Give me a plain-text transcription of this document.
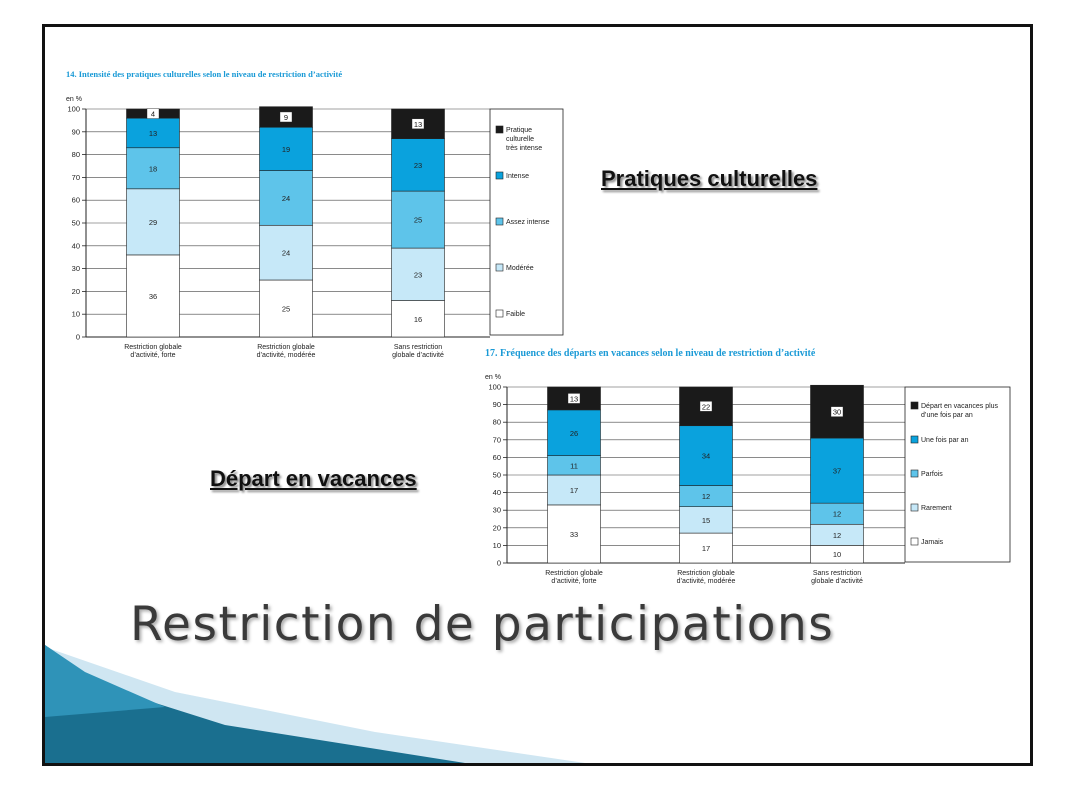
en %
0
10
20
30
40
50
60
70
80
90
100
36
29
18
13
4
Restriction globale
d’activité, forte
25
24
24
19
9
Restriction globale
d’activité, modérée
16
23
25
23
13
Sans restriction
globale d’activité
Pratique culturelle très intense
Intense
Assez intense
Modérée
Faible
en %
0
10
20
30
40
50
60
70
80
90
100
33
17
11
26
13
Restriction globale
d’activité, forte
17
15
12
34
22
Restriction globale
d’activité, modérée
10
12
12
37
30
Sans restriction
globale d’activité
Départ en vacances plus d’une fois par an
Une fois par an
Parfois
Rarement
Jamais
14. Intensité des pratiques culturelles selon le niveau de restriction d’activité
17. Fréquence des départs en vacances selon le niveau de restriction d’activité
Pratiques culturelles
Départ en vacances
Restriction de participations
